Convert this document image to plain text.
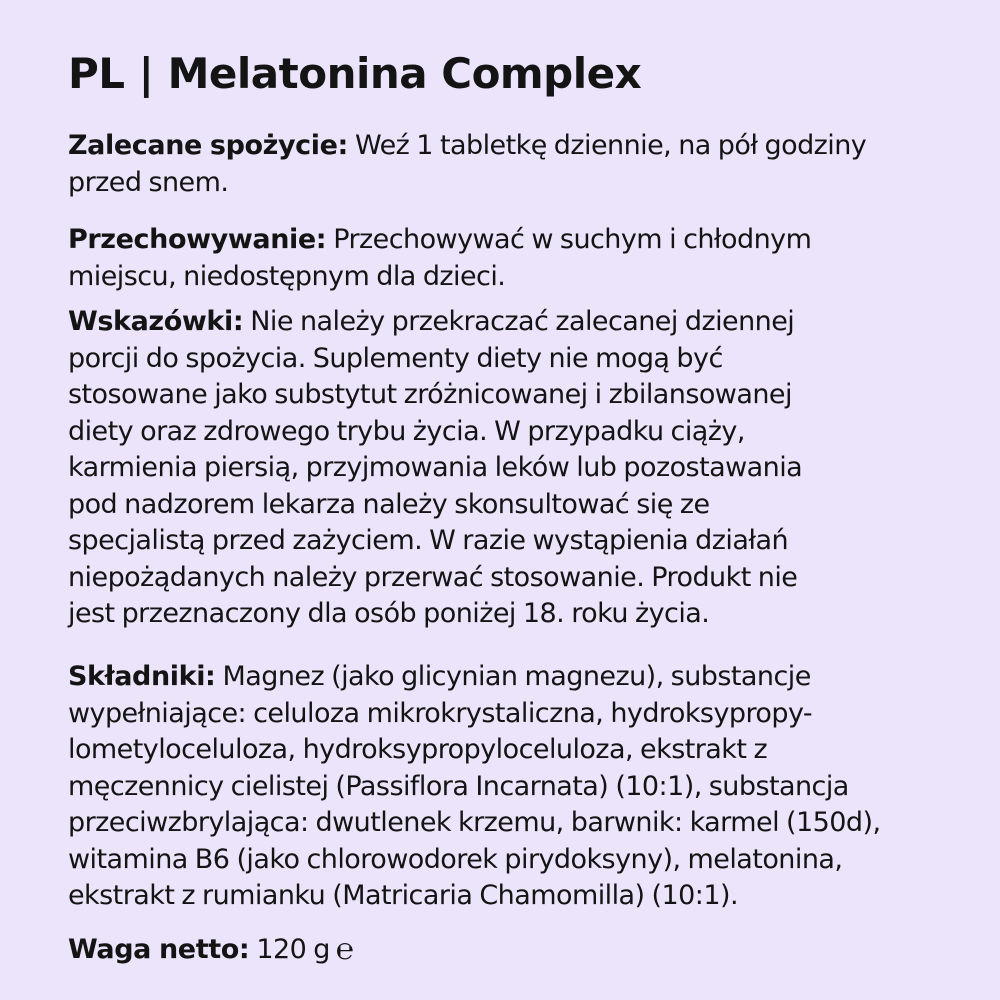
PL | Melatonina Complex

Zalecane spożycie: Weź 1 tabletkę dziennie, na pół godziny
przed snem.

Przechowywanie: Przechowywać w suchym i chłodnym
miejscu, niedostępnym dla dzieci.

Wskazówki: Nie należy przekraczać zalecanej dziennej
porcji do spożycia. Suplementy diety nie mogą być
stosowane jako substytut zróżnicowanej i zbilansowanej
diety oraz zdrowego trybu życia. W przypadku ciąży,
karmienia piersią, przyjmowania leków lub pozostawania
pod nadzorem lekarza należy skonsultować się ze
specjalistą przed zażyciem. W razie wystąpienia działań
niepożądanych należy przerwać stosowanie. Produkt nie
jest przeznaczony dla osób poniżej 18. roku życia.

Składniki: Magnez (jako glicynian magnezu), substancje
wypełniające: celuloza mikrokrystaliczna, hydroksypropy-
lometyloceluloza, hydroksypropyloceluloza, ekstrakt z
męczennicy cielistej (Passiflora Incarnata) (10:1), substancja
przeciwzbrylająca: dwutlenek krzemu, barwnik: karmel (150d),
witamina B6 (jako chlorowodorek pirydoksyny), melatonina,
ekstrakt z rumianku (Matricaria Chamomilla) (10:1).

Waga netto: 120 g ℮
